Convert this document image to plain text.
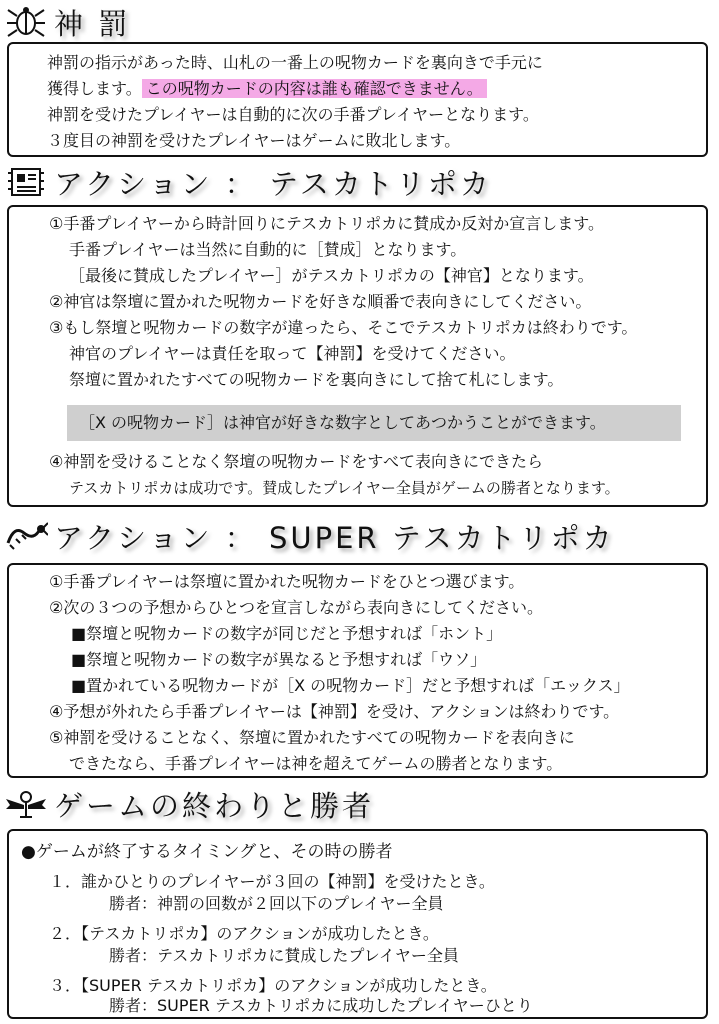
神 罰
神罰の指示があった時、山札の一番上の呪物カードを裏向きで手元に
獲得します。 この呪物カードの内容は誰も確認できません。
神罰を受けたプレイヤーは自動的に次の手番プレイヤーとなります。
３度目の神罰を受けたプレイヤーはゲームに敗北します。
アクション ： テスカトリポカ
①手番プレイヤーから時計回りにテスカトリポカに賛成か反対か宣言します。
手番プレイヤーは当然に自動的に［賛成］となります。
［最後に賛成したプレイヤー］がテスカトリポカの【神官】となります。
②神官は祭壇に置かれた呪物カードを好きな順番で表向きにしてください。
③もし祭壇と呪物カードの数字が違ったら、そこでテスカトリポカは終わりです。
神官のプレイヤーは責任を取って【神罰】を受けてください。
祭壇に置かれたすべての呪物カードを裏向きにして捨て札にします。
［X の呪物カード］は神官が好きな数字としてあつかうことができます。
④神罰を受けることなく祭壇の呪物カードをすべて表向きにできたら
テスカトリポカは成功です。賛成したプレイヤー全員がゲームの勝者となります。
アクション ： SUPER テスカトリポカ
①手番プレイヤーは祭壇に置かれた呪物カードをひとつ選びます。
②次の３つの予想からひとつを宣言しながら表向きにしてください。
■祭壇と呪物カードの数字が同じだと予想すれば「ホント」
■祭壇と呪物カードの数字が異なると予想すれば「ウソ」
■置かれている呪物カードが［X の呪物カード］だと予想すれば「エックス」
④予想が外れたら手番プレイヤーは【神罰】を受け、アクションは終わりです。
⑤神罰を受けることなく、祭壇に置かれたすべての呪物カードを表向きに
できたなら、手番プレイヤーは神を超えてゲームの勝者となります。
ゲームの終わりと勝者
●ゲームが終了するタイミングと、その時の勝者
１．誰かひとりのプレイヤーが３回の【神罰】を受けたとき。
勝者：神罰の回数が２回以下のプレイヤー全員
２．【テスカトリポカ】のアクションが成功したとき。
勝者：テスカトリポカに賛成したプレイヤー全員
３．【SUPER テスカトリポカ】のアクションが成功したとき。
勝者：SUPER テスカトリポカに成功したプレイヤーひとり
